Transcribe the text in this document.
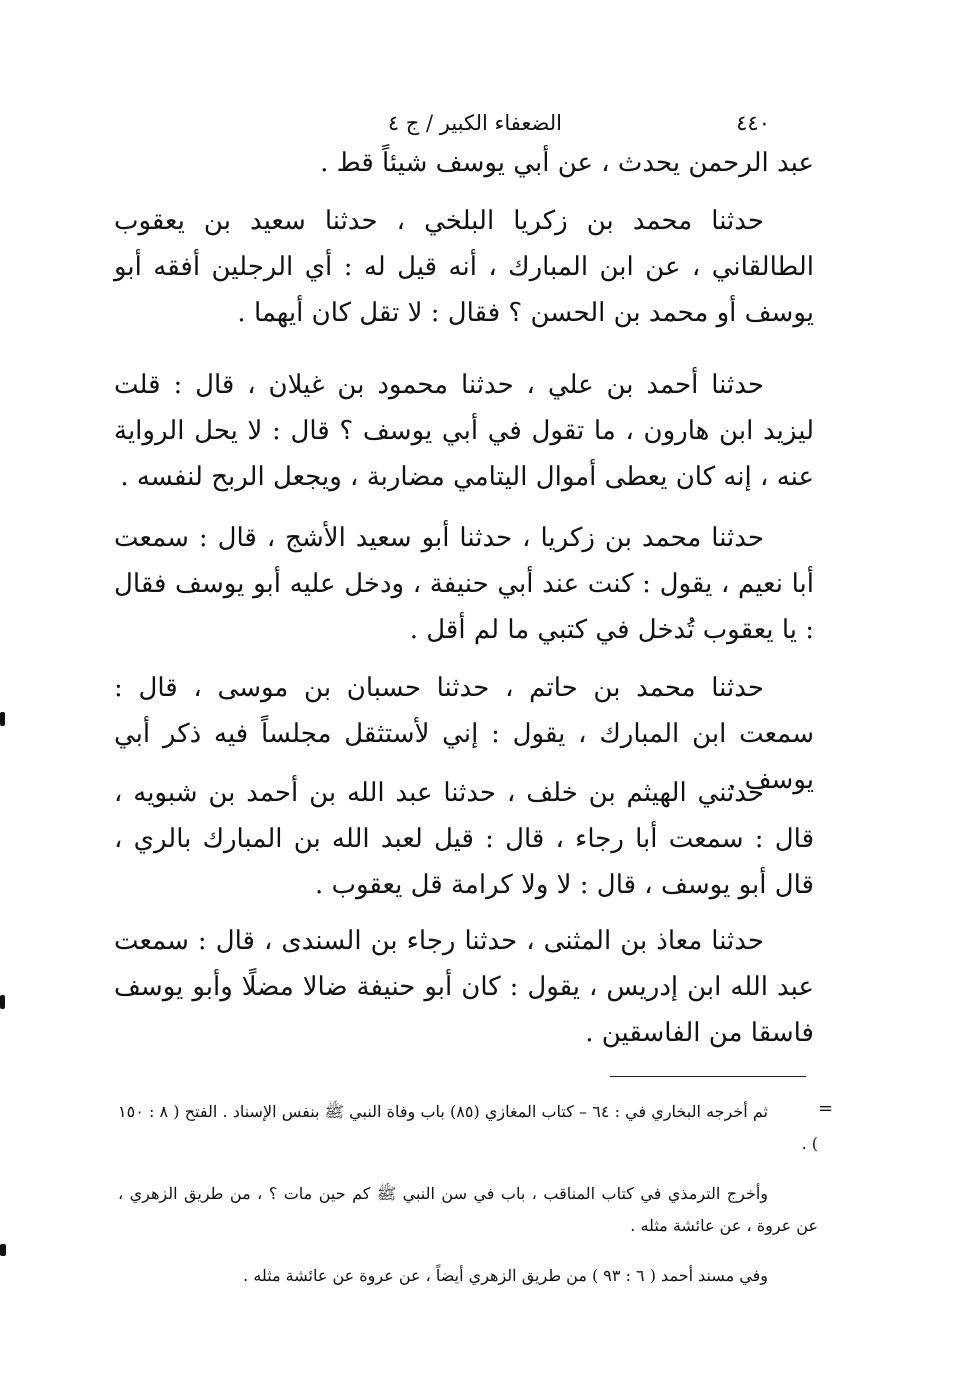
٤٤٠
الضعفاء الكبير / ج ٤

عبد الرحمن يحدث ، عن أبي يوسف شيئاً قط .

حدثنا محمد بن زكريا البلخي ، حدثنا سعيد بن يعقوب الطالقاني ، عن ابن المبارك ، أنه قيل له : أي الرجلين أفقه أبو يوسف أو محمد بن الحسن ؟ فقال : لا تقل كان أيهما .

حدثنا أحمد بن علي ، حدثنا محمود بن غيلان ، قال : قلت ليزيد ابن هارون ، ما تقول في أبي يوسف ؟ قال : لا يحل الرواية عنه ، إنه كان يعطى أموال اليتامي مضاربة ، ويجعل الربح لنفسه .

حدثنا محمد بن زكريا ، حدثنا أبو سعيد الأشج ، قال : سمعت أبا نعيم ، يقول : كنت عند أبي حنيفة ، ودخل عليه أبو يوسف فقال : يا يعقوب تُدخل في كتبي ما لم أقل .

حدثنا محمد بن حاتم ، حدثنا حسبان بن موسى ، قال : سمعت ابن المبارك ، يقول : إني لأستثقل مجلساً فيه ذكر أبي يوسف .

حدثني الهيثم بن خلف ، حدثنا عبد الله بن أحمد بن شبويه ، قال : سمعت أبا رجاء ، قال : قيل لعبد الله بن المبارك بالري ، قال أبو يوسف ، قال : لا ولا كرامة قل يعقوب .

حدثنا معاذ بن المثنى ، حدثنا رجاء بن السندى ، قال : سمعت عبد الله ابن إدريس ، يقول : كان أبو حنيفة ضالا مضلًا وأبو يوسف فاسقا من الفاسقين .

=

ثم أخرجه البخاري في : ٦٤ – كتاب المغازي (٨٥) باب وفاة النبي ﷺ بنفس الإسناد . الفتح ( ٨ : ١٥٠ ) .

وأخرج الترمذي في كتاب المناقب ، باب في سن النبي ﷺ كم حين مات ؟ ، من طريق الزهري ، عن عروة ، عن عائشة مثله .

وفي مسند أحمد ( ٦ : ٩٣ ) من طريق الزهري أيضاً ، عن عروة عن عائشة مثله .
